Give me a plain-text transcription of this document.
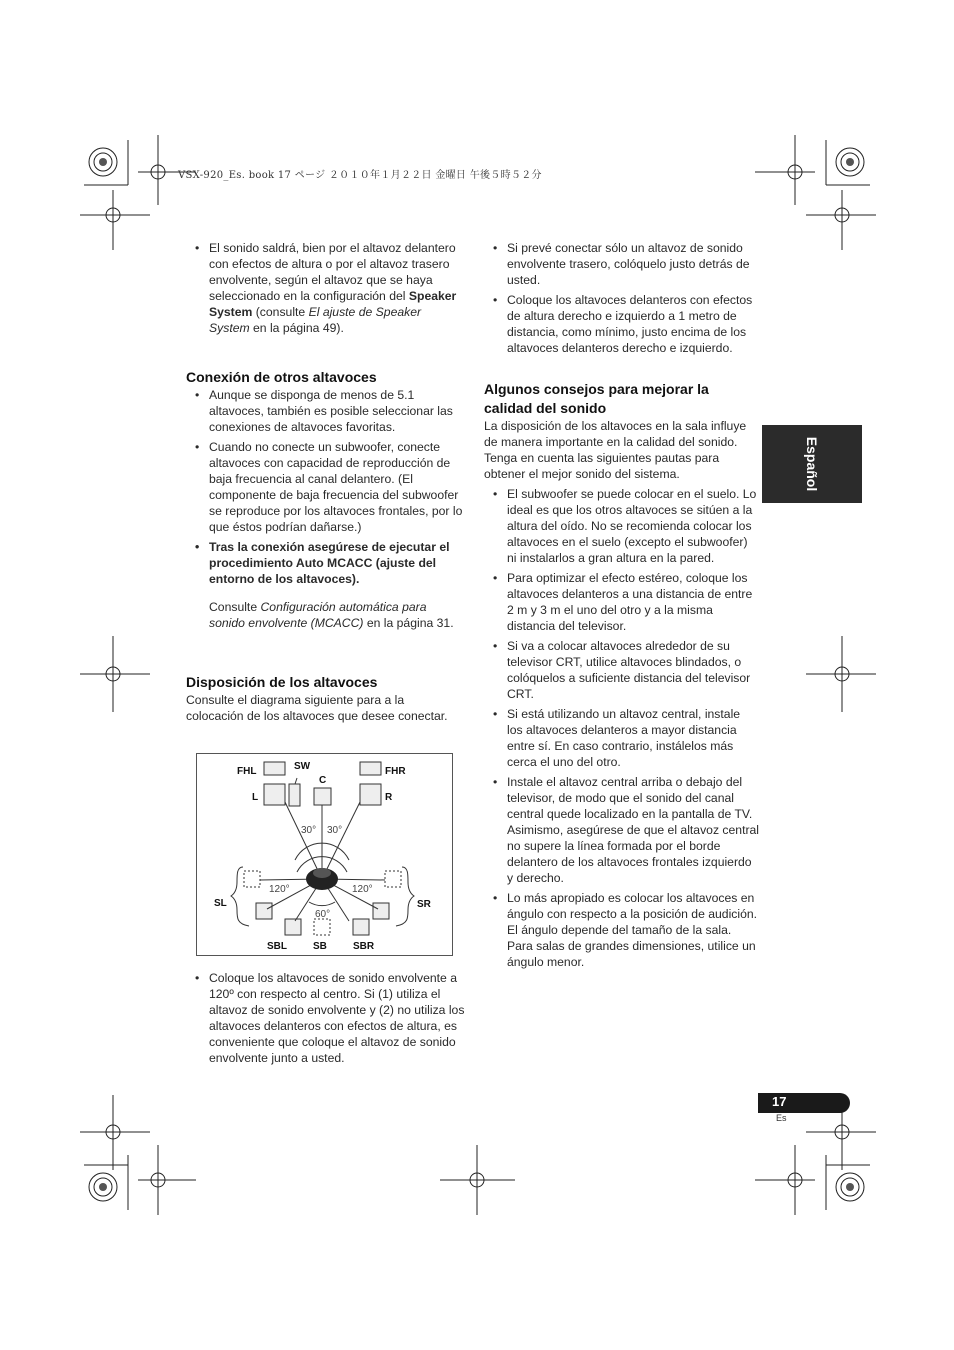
VSX-920_Es. book 17 ページ ２０１０年１月２２日 金曜日 午後５時５２分
• El sonido saldrá, bien por el altavoz delantero con efectos de altura o por el altavoz trasero envolvente, según el altavoz que se haya seleccionado en la configuración del Speaker System (consulte El ajuste de Speaker System en la página 49).
Conexión de otros altavoces
• Aunque se disponga de menos de 5.1 altavoces, también es posible seleccionar las conexiones de altavoces favoritas.
• Cuando no conecte un subwoofer, conecte altavoces con capacidad de reproducción de baja frecuencia al canal delantero. (El componente de baja frecuencia del subwoofer se reproduce por los altavoces frontales, por lo que éstos podrían dañarse.)
• Tras la conexión asegúrese de ejecutar el procedimiento Auto MCACC (ajuste del entorno de los altavoces).

Consulte Configuración automática para sonido envolvente (MCACC) en la página 31.

Disposición de los altavoces

Consulte el diagrama siguiente para a la colocación de los altavoces que desee conectar.

FHL	SW
C
FHR
L	R
SL	SR
SBL	SB	SBR
30° 30°
120°	120°
60°
• Coloque los altavoces de sonido envolvente a 120º con respecto al centro. Si (1) utiliza el altavoz de sonido envolvente y (2) no utiliza los altavoces delanteros con efectos de altura, es conveniente que coloque el altavoz de sonido envolvente junto a usted.
• Si prevé conectar sólo un altavoz de sonido envolvente trasero, colóquelo justo detrás de usted.
• Coloque los altavoces delanteros con efectos de altura derecho e izquierdo a 1 metro de distancia, como mínimo, justo encima de los altavoces delanteros derecho e izquierdo.
Algunos consejos para mejorar la calidad del sonido

La disposición de los altavoces en la sala influye de manera importante en la calidad del sonido. Tenga en cuenta las siguientes pautas para obtener el mejor sonido del sistema.

• El subwoofer se puede colocar en el suelo. Lo ideal es que los otros altavoces se sitúen a la altura del oído. No se recomienda colocar los altavoces en el suelo (excepto el subwoofer) ni instalarlos a gran altura en la pared.
• Para optimizar el efecto estéreo, coloque los altavoces delanteros a una distancia de entre 2 m y 3 m el uno del otro y a la misma distancia del televisor.
• Si va a colocar altavoces alrededor de su televisor CRT, utilice altavoces blindados, o colóquelos a suficiente distancia del televisor CRT.
• Si está utilizando un altavoz central, instale los altavoces delanteros a mayor distancia entre sí. En caso contrario, instálelos más cerca el uno del otro.
• Instale el altavoz central arriba o debajo del televisor, de modo que el sonido del canal central quede localizado en la pantalla de TV. Asimismo, asegúrese de que el altavoz central no supere la línea formada por el borde delantero de los altavoces frontales izquierdo y derecho.
• Lo más apropiado es colocar los altavoces en ángulo con respecto a la posición de audición. El ángulo depende del tamaño de la sala. Para salas de grandes dimensiones, utilice un ángulo menor.
Español
17
Es
